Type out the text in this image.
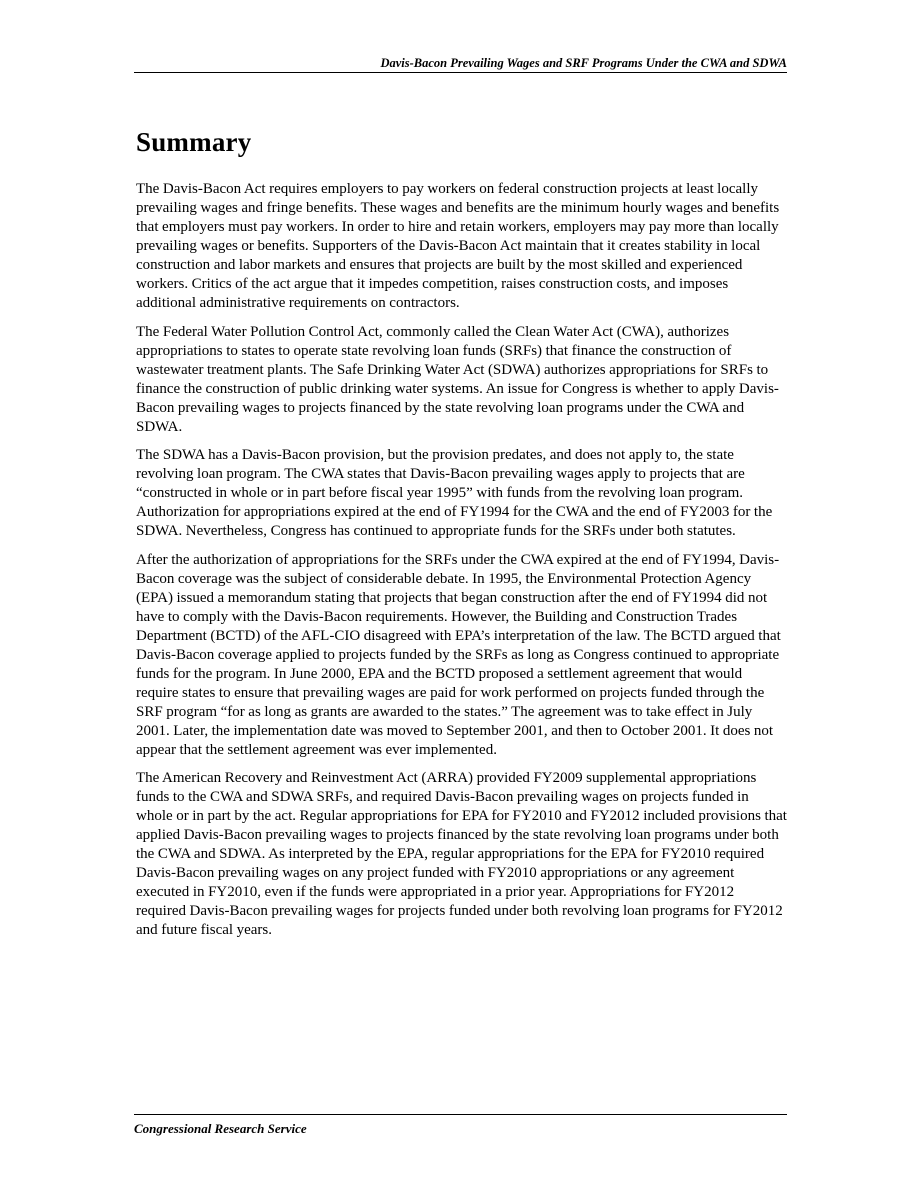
Davis-Bacon Prevailing Wages and SRF Programs Under the CWA and SDWA
Summary

The Davis-Bacon Act requires employers to pay workers on federal construction projects at least locally prevailing wages and fringe benefits. These wages and benefits are the minimum hourly wages and benefits that employers must pay workers. In order to hire and retain workers, employers may pay more than locally prevailing wages or benefits. Supporters of the Davis-Bacon Act maintain that it creates stability in local construction and labor markets and ensures that projects are built by the most skilled and experienced workers. Critics of the act argue that it impedes competition, raises construction costs, and imposes additional administrative requirements on contractors.

The Federal Water Pollution Control Act, commonly called the Clean Water Act (CWA), authorizes appropriations to states to operate state revolving loan funds (SRFs) that finance the construction of wastewater treatment plants. The Safe Drinking Water Act (SDWA) authorizes appropriations for SRFs to finance the construction of public drinking water systems. An issue for Congress is whether to apply Davis-Bacon prevailing wages to projects financed by the state revolving loan programs under the CWA and SDWA.

The SDWA has a Davis-Bacon provision, but the provision predates, and does not apply to, the state revolving loan program. The CWA states that Davis-Bacon prevailing wages apply to projects that are “constructed in whole or in part before fiscal year 1995” with funds from the revolving loan program. Authorization for appropriations expired at the end of FY1994 for the CWA and the end of FY2003 for the SDWA. Nevertheless, Congress has continued to appropriate funds for the SRFs under both statutes.

After the authorization of appropriations for the SRFs under the CWA expired at the end of FY1994, Davis-Bacon coverage was the subject of considerable debate. In 1995, the Environmental Protection Agency (EPA) issued a memorandum stating that projects that began construction after the end of FY1994 did not have to comply with the Davis-Bacon requirements. However, the Building and Construction Trades Department (BCTD) of the AFL-CIO disagreed with EPA’s interpretation of the law. The BCTD argued that Davis-Bacon coverage applied to projects funded by the SRFs as long as Congress continued to appropriate funds for the program. In June 2000, EPA and the BCTD proposed a settlement agreement that would require states to ensure that prevailing wages are paid for work performed on projects funded through the SRF program “for as long as grants are awarded to the states.” The agreement was to take effect in July 2001. Later, the implementation date was moved to September 2001, and then to October 2001. It does not appear that the settlement agreement was ever implemented.

The American Recovery and Reinvestment Act (ARRA) provided FY2009 supplemental appropriations funds to the CWA and SDWA SRFs, and required Davis-Bacon prevailing wages on projects funded in whole or in part by the act. Regular appropriations for EPA for FY2010 and FY2012 included provisions that applied Davis-Bacon prevailing wages to projects financed by the state revolving loan programs under both the CWA and SDWA. As interpreted by the EPA, regular appropriations for the EPA for FY2010 required Davis-Bacon prevailing wages on any project funded with FY2010 appropriations or any agreement executed in FY2010, even if the funds were appropriated in a prior year. Appropriations for FY2012 required Davis-Bacon prevailing wages for projects funded under both revolving loan programs for FY2012 and future fiscal years.

Congressional Research Service
